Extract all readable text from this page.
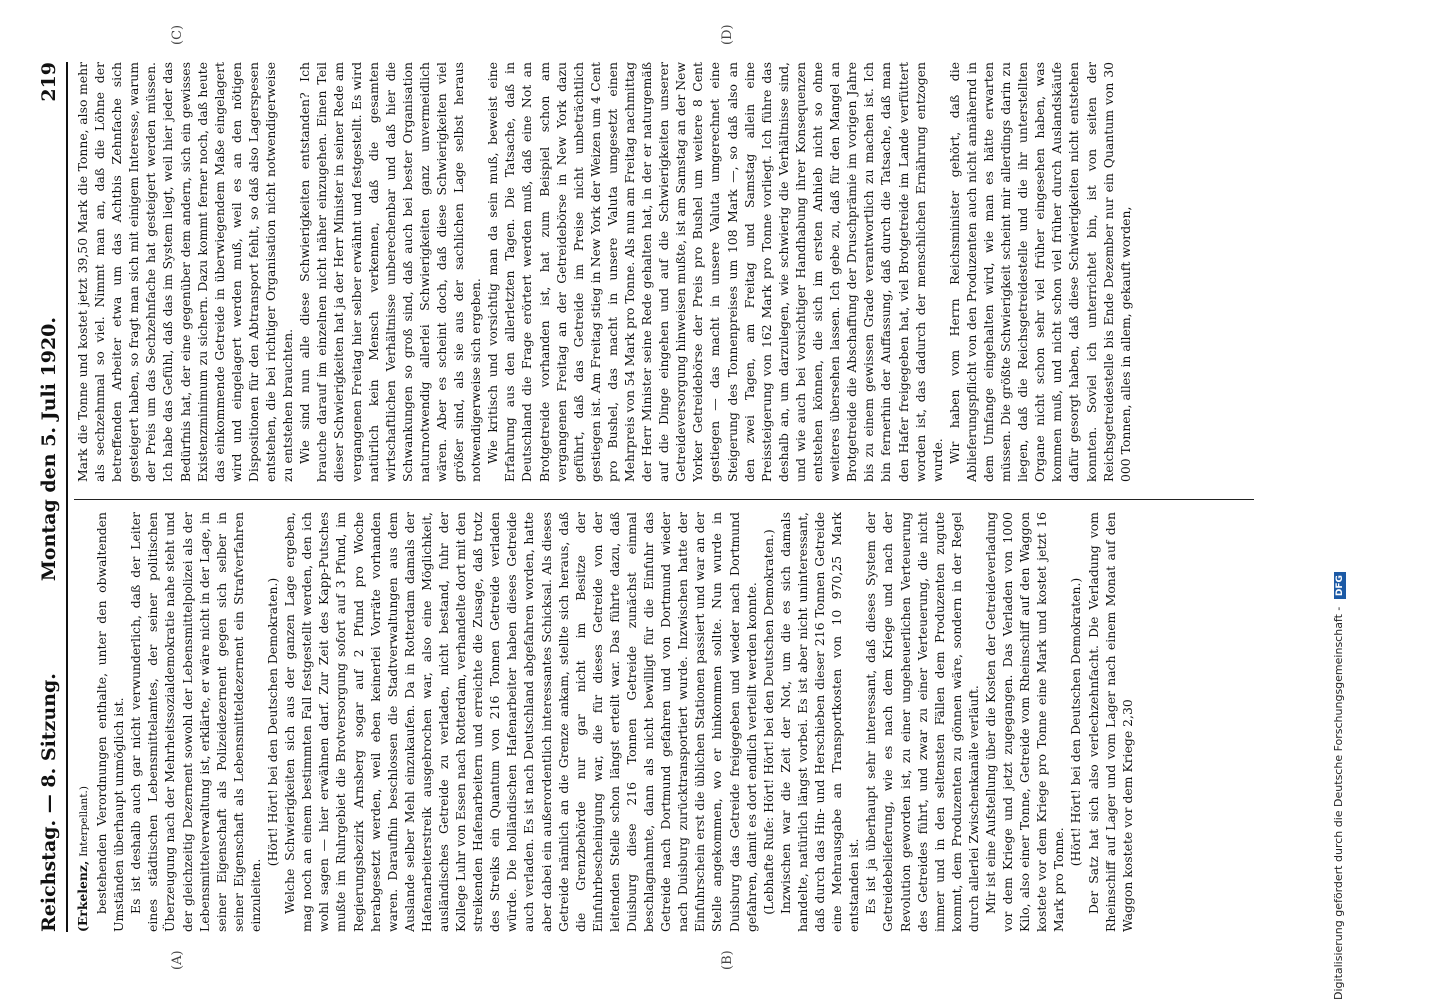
Reichstag. — 8. Sitzung.
Montag den 5. Juli 1920.
219
(A)	(B)
(C)	(D)

(Erkelenz, Interpellant.) bestehenden Verordnungen enthalte, unter den obwaltenden Umständen überhaupt unmöglich ist. Es ist deshalb auch gar nicht verwunderlich, daß der Leiter eines städtischen Lebensmittelamtes, der seiner politischen Überzeugung nach der Mehrheitssozialdemokratie nahe steht und der gleichzeitig Dezernent sowohl der Lebensmittelpolizei als der Lebensmittelverwaltung ist, erklärte, er wäre nicht in der Lage, in seiner Eigenschaft als Polizeidezernent gegen sich selber in seiner Eigenschaft als Lebensmitteldezernent ein Strafverfahren einzuleiten.

(Hört! Hört! bei den Deutschen Demokraten.) Welche Schwierigkeiten sich aus der ganzen Lage ergeben, mag noch an einem bestimmten Fall festgestellt werden, den ich wohl sagen — hier erwähnen darf. Zur Zeit des Kapp-Putsches mußte im Ruhrgebiet die Brotversorgung sofort auf 3 Pfund, im Regierungsbezirk Arnsberg sogar auf 2 Pfund pro Woche herabgesetzt werden, weil eben keinerlei Vorräte vorhanden waren. Daraufhin beschlossen die Stadtverwaltungen aus dem Auslande selber Mehl einzukaufen. Da in Rotterdam damals der Hafenarbeiterstreik ausgebrochen war, also eine Möglichkeit, ausländisches Getreide zu verladen, nicht bestand, fuhr der Kollege Luhr von Essen nach Rotterdam, verhandelte dort mit den streikenden Hafenarbeitern und erreichte die Zusage, daß trotz des Streiks ein Quantum von 216 Tonnen Getreide verladen würde. Die holländischen Hafenarbeiter haben dieses Getreide auch verladen. Es ist nach Deutschland abgefahren worden, hatte aber dabei ein außerordentlich interessantes Schicksal. Als dieses Getreide nämlich an die Grenze ankam, stellte sich heraus, daß die Grenzbehörde nur gar nicht im Besitze der Einfuhrbescheinigung war, die für dieses Getreide von der leitenden Stelle schon längst erteilt war. Das führte dazu, daß Duisburg diese 216 Tonnen Getreide zunächst einmal beschlagnahmte, dann als nicht bewilligt für die Einfuhr das Getreide nach Dortmund gefahren und von Dortmund wieder nach Duisburg zurücktransportiert wurde. Inzwischen hatte der Einfuhrschein erst die üblichen Stationen passiert und war an der Stelle angekommen, wo er hinkommen sollte. Nun wurde in Duisburg das Getreide freigegeben und wieder nach Dortmund gefahren, damit es dort endlich verteilt werden konnte. (Lebhafte Rufe: Hört! Hört! bei den Deutschen Demokraten.) Inzwischen war die Zeit der Not, um die es sich damals handelte, natürlich längst vorbei. Es ist aber nicht uninteressant, daß durch das Hin- und Herschieben dieser 216 Tonnen Getreide eine Mehrausgabe an Transportkosten von 10 970,25 Mark entstanden ist. Es ist ja überhaupt sehr interessant, daß dieses System der Getreidebelieferung, wie es nach dem Kriege und nach der Revolution geworden ist, zu einer ungeheuerlichen Verteuerung des Getreides führt, und zwar zu einer Verteuerung, die nicht immer und in den seltensten Fällen dem Produzenten zugute kommt, dem Produzenten zu gönnen wäre, sondern in der Regel durch allerlei Zwischenkanäle verläuft. Mir ist eine Aufstellung über die Kosten der Getreideverladung vor dem Kriege und jetzt zugegangen. Das Verladen von 1000 Kilo, also einer Tonne, Getreide vom Rheinschiff auf den Waggon kostete vor dem Kriege pro Tonne eine Mark und kostet jetzt 16 Mark pro Tonne.

(Hört! Hört! bei den Deutschen Demokraten.) Der Satz hat sich also verlechzehnfacht. Die Verladung vom Rheinschiff auf Lager und vom Lager nach einem Monat auf den Waggon kostete vor dem Kriege 2,30

Mark die Tonne und kostet jetzt 39,50 Mark die Tonne, also mehr als sechzehnmal so viel. Nimmt man an, daß die Löhne der betreffenden Arbeiter etwa um das Achtbis Zehnfache sich gesteigert haben, so fragt man sich mit einigem Interesse, warum der Preis um das Sechzehnfache hat gesteigert werden müssen. Ich habe das Gefühl, daß das im System liegt, weil hier jeder das Bedürfnis hat, der eine gegenüber dem andern, sich ein gewisses Existenzminimum zu sichern. Dazu kommt ferner noch, daß heute das einkommende Getreide in überwiegendem Maße eingelagert wird und eingelagert werden muß, weil es an den nötigen Dispositionen für den Abtransport fehlt, so daß also Lagerspesen entstehen, die bei richtiger Organisation nicht notwendigerweise zu entstehen brauchten. Wie sind nun alle diese Schwierigkeiten entstanden? Ich brauche darauf im einzelnen nicht näher einzugehen. Einen Teil dieser Schwierigkeiten hat ja der Herr Minister in seiner Rede am vergangenen Freitag hier selber erwähnt und festgestellt. Es wird natürlich kein Mensch verkennen, daß die gesamten wirtschaftlichen Verhältnisse unberechenbar und daß hier die Schwankungen so groß sind, daß auch bei bester Organisation naturnotwendig allerlei Schwierigkeiten ganz unvermeidlich wären. Aber es scheint doch, daß diese Schwierigkeiten viel größer sind, als sie aus der sachlichen Lage selbst heraus notwendigerweise sich ergeben. Wie kritisch und vorsichtig man da sein muß, beweist eine Erfahrung aus den allerletzten Tagen. Die Tatsache, daß in Deutschland die Frage erörtert werden muß, daß eine Not an Brotgetreide vorhanden ist, hat zum Beispiel schon am vergangenen Freitag an der Getreidebörse in New York dazu geführt, daß das Getreide im Preise nicht unbeträchtlich gestiegen ist. Am Freitag stieg in New York der Weizen um 4 Cent pro Bushel, das macht in unsere Valuta umgesetzt einen Mehrpreis von 54 Mark pro Tonne. Als nun am Freitag nachmittag der Herr Minister seine Rede gehalten hat, in der er naturgemäß auf die Dinge eingehen und auf die Schwierigkeiten unserer Getreideversorgung hinweisen mußte, ist am Samstag an der New Yorker Getreidebörse der Preis pro Bushel um weitere 8 Cent gestiegen — das macht in unsere Valuta umgerechnet eine Steigerung des Tonnenpreises um 108 Mark —, so daß also an den zwei Tagen, am Freitag und Samstag allein eine Preissteigerung von 162 Mark pro Tonne vorliegt. Ich führe das deshalb an, um darzulegen, wie schwierig die Verhältnisse sind, und wie auch bei vorsichtiger Handhabung ihrer Konsequenzen entstehen können, die sich im ersten Anhieb nicht so ohne weiteres übersehen lassen. Ich gebe zu, daß für den Mangel an Brotgetreide die Abschaffung der Druschprämie im vorigen Jahre bis zu einem gewissen Grade verantwortlich zu machen ist. Ich bin fernerhin der Auffassung, daß durch die Tatsache, daß man den Hafer freigegeben hat, viel Brotgetreide im Lande verfüttert worden ist, das dadurch der menschlichen Ernährung entzogen wurde. Wir haben vom Herrn Reichsminister gehört, daß die Ablieferungspflicht von den Produzenten auch nicht annähernd in dem Umfange eingehalten wird, wie man es hätte erwarten müssen. Die größte Schwierigkeit scheint mir allerdings darin zu liegen, daß die Reichsgetreidestelle und die ihr unterstellten Organe nicht schon sehr viel früher eingesehen haben, was kommen muß, und nicht schon viel früher durch Auslandskäufe dafür gesorgt haben, daß diese Schwierigkeiten nicht entstehen konnten. Soviel ich unterrichtet bin, ist von seiten der Reichsgetreidestelle bis Ende Dezember nur ein Quantum von 30 000 Tonnen, alles in allem, gekauft worden,

Digitalisierung gefördert durch die Deutsche Forschungsgemeinschaft - DFG
